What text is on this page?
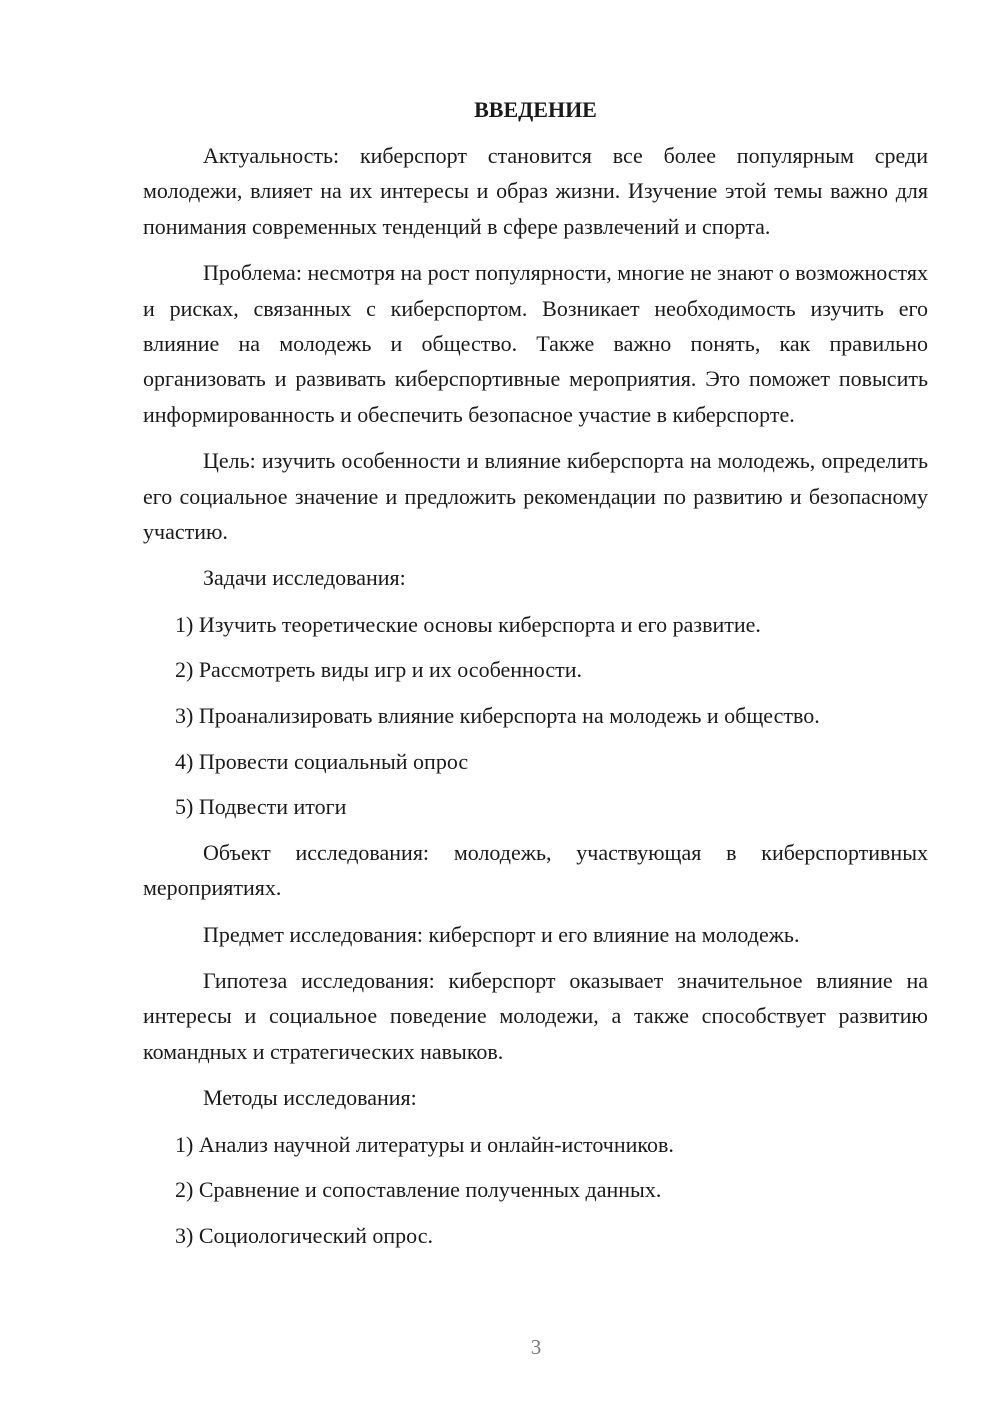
ВВЕДЕНИЕ

Актуальность: киберспорт становится все более популярным среди молодежи, влияет на их интересы и образ жизни. Изучение этой темы важно для понимания современных тенденций в сфере развлечений и спорта.

Проблема: несмотря на рост популярности, многие не знают о возможностях и рисках, связанных с киберспортом. Возникает необходимость изучить его влияние на молодежь и общество. Также важно понять, как правильно организовать и развивать киберспортивные мероприятия. Это поможет повысить информированность и обеспечить безопасное участие в киберспорте.

Цель: изучить особенности и влияние киберспорта на молодежь, определить его социальное значение и предложить рекомендации по развитию и безопасному участию.

Задачи исследования:

1) Изучить теоретические основы киберспорта и его развитие.
2) Рассмотреть виды игр и их особенности.
3) Проанализировать влияние киберспорта на молодежь и общество.
4) Провести социальный опрос
5) Подвести итоги

Объект исследования: молодежь, участвующая в киберспортивных мероприятиях.

Предмет исследования: киберспорт и его влияние на молодежь.

Гипотеза исследования: киберспорт оказывает значительное влияние на интересы и социальное поведение молодежи, а также способствует развитию командных и стратегических навыков.

Методы исследования:

1) Анализ научной литературы и онлайн-источников.
2) Сравнение и сопоставление полученных данных.
3) Социологический опрос.
3
